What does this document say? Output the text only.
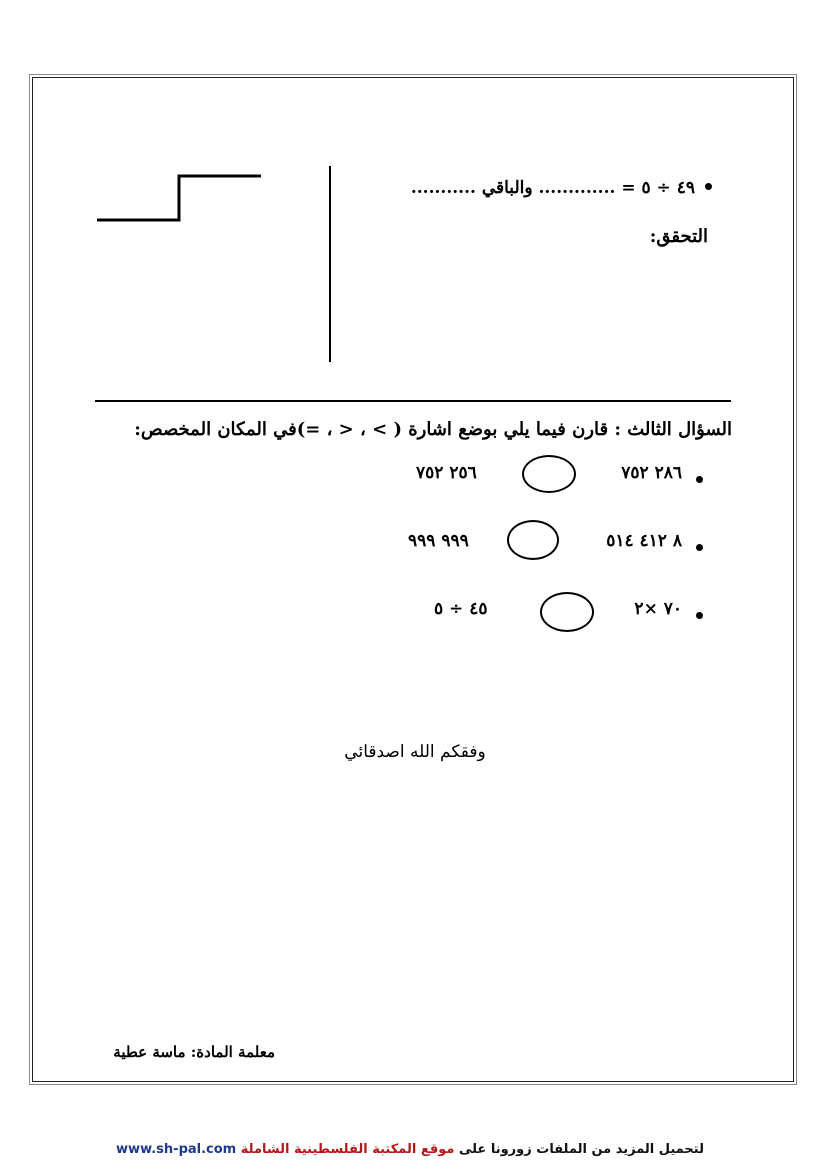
٤٩ ÷ ٥ = ............. والباقي ...........
التحقق:
السؤال الثالث : قارن فيما يلي بوضع اشارة ( > ، < ، =)في المكان المخصص:
٢٨٦ ٧٥٢
٢٥٦ ٧٥٢
٨ ٤١٢ ٥١٤
٩٩٩ ٩٩٩
٧٠ ×٢
٤٥ ÷ ٥
وفقكم الله اصدقائي
معلمة المادة: ماسة عطية
لتحميل المزيد من الملفات زورونا على موقع المكتبة الفلسطينية الشاملة www.sh-pal.com
